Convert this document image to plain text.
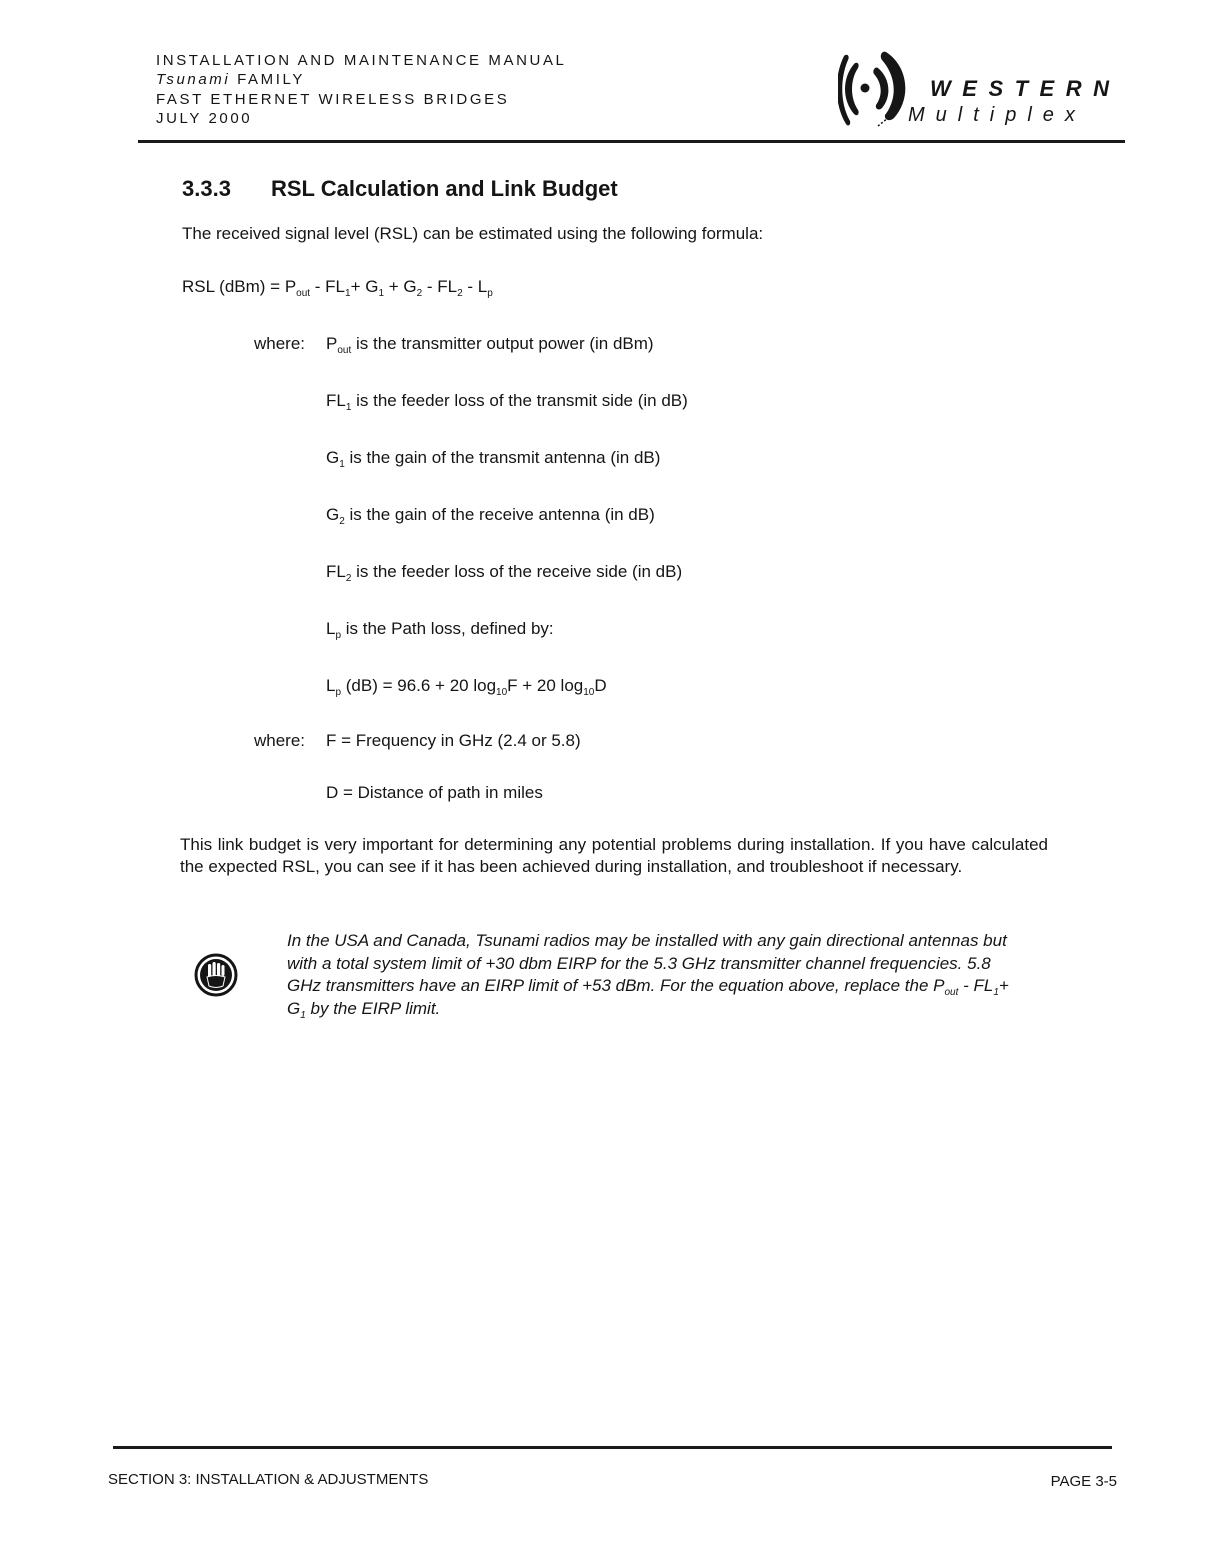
INSTALLATION AND MAINTENANCE MANUAL
Tsunami FAMILY
FAST ETHERNET WIRELESS BRIDGES
JULY 2000
WESTERN
Multiplex
3.3.3 RSL Calculation and Link Budget
The received signal level (RSL) can be estimated using the following formula:
RSL $(dBm) = P_{out} - FL_1+ G_1 + G_2 - FL_2 - L_p$
where: $P_{out}$ is the transmitter output power (in dBm)
$FL_1$ is the feeder loss of the transmit side (in dB)
$G_1$ is the gain of the transmit antenna (in dB)
$G_2$ is the gain of the receive antenna (in dB)
$FL_2$ is the feeder loss of the receive side (in dB)
$L_p$ is the Path loss, defined by:
$L_p$ (dB) = 96.6 + 20 $\log_{10}F + 20$ $\log_{10}D$
where: F = Frequency in GHz (2.4 or 5.8)
D = Distance of path in miles
This link budget is very important for determining any potential problems during installation. If you have calculated the expected RSL, you can see if it has been achieved during installation, and troubleshoot if necessary.
In the USA and Canada, Tsunami radios may be installed with any gain directional antennas but with a total system limit of +30 dbm EIRP for the 5.3 GHz transmitter channel frequencies. 5.8 GHz transmitters have an EIRP limit of +53 dBm. For the equation above, replace the $P_{out} - FL_1+ G_1$ by the EIRP limit.
SECTION 3: INSTALLATION & ADJUSTMENTS	PAGE 3-5
